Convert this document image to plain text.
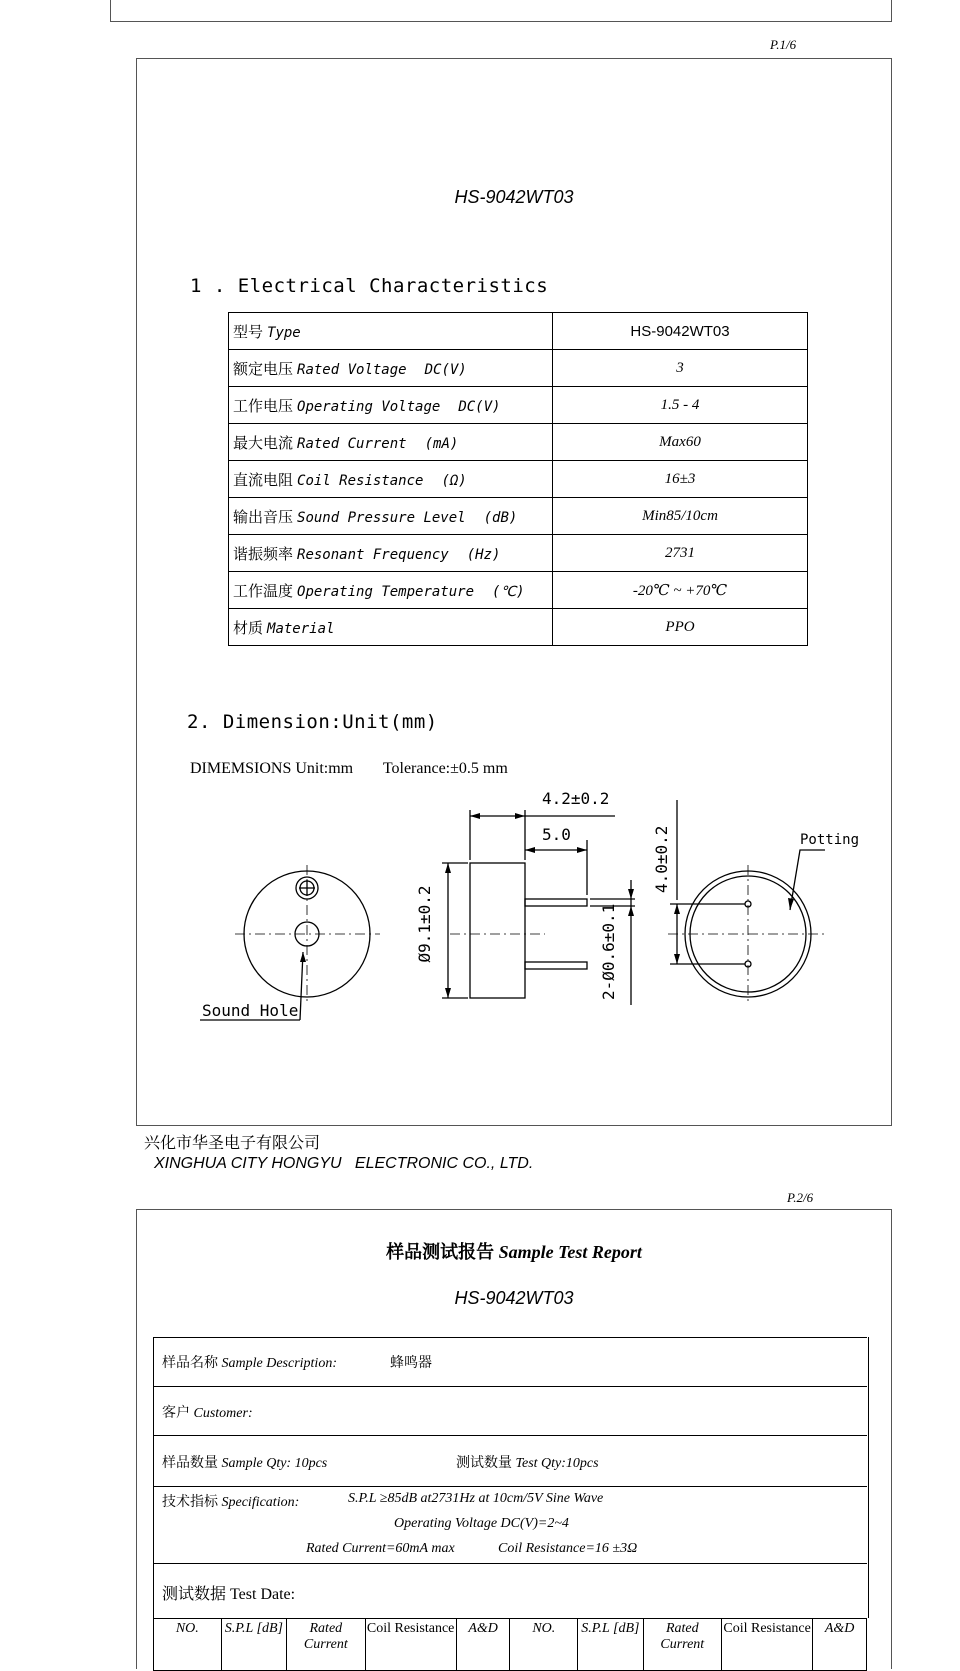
P.1/6
HS-9042WT03
1 . Electrical Characteristics
型号 Type	HS-9042WT03
额定电压 Rated Voltage DC(V)	3
工作电压 Operating Voltage DC(V)	1.5 - 4
最大电流 Rated Current (mA)	Max60
直流电阻 Coil Resistance (Ω)	16±3
输出音压 Sound Pressure Level (dB)	Min85/10cm
谐振频率 Resonant Frequency (Hz)	2731
工作温度 Operating Temperature (℃)	-20℃ ~ +70℃
材质 Material	PPO
2. Dimension:Unit(mm)
DIMEMSIONS Unit:mm Tolerance:±0.5 mm
4.2±0.2
5.0
Ø9.1±0.2	2-Ø0.6±0.1
4.0±0.2	Potting
Sound Hole
兴化市华圣电子有限公司
XINGHUA CITY HONGYU   ELECTRONIC CO., LTD.
P.2/6
样品测试报告 Sample Test Report
HS-9042WT03
样品名称 Sample Description:	蜂鸣器
客户 Customer:
样品数量 Sample Qty: 10pcs	测试数量 Test Qty:10pcs
技术指标 Specification:	S.P.L ≥85dB at2731Hz at 10cm/5V Sine Wave
Operating Voltage DC(V)=2~4
Rated Current=60mA max	Coil Resistance=16 ±3Ω
测试数据 Test Date:
NO.	S.P.L [dB]	Rated Current	Coil Resistance	A&D	NO.	S.P.L [dB]	Rated Current	Coil Resistance	A&D
